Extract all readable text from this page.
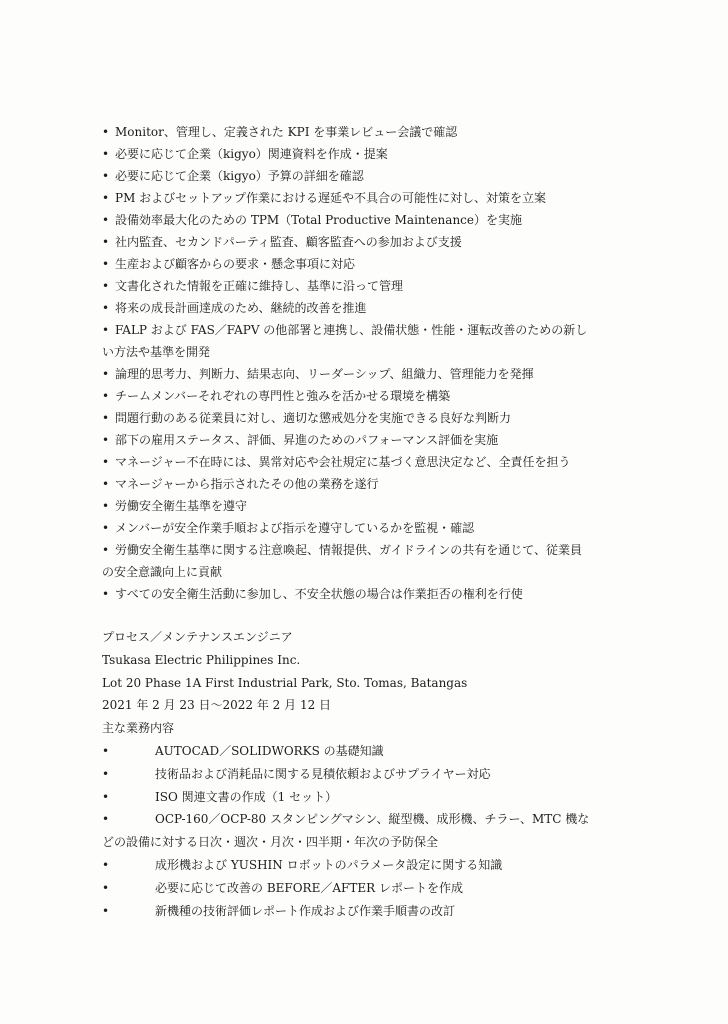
• Monitor、管理し、定義された KPI を事業レビュー会議で確認
• 必要に応じて企業（kigyo）関連資料を作成・提案
• 必要に応じて企業（kigyo）予算の詳細を確認
• PM およびセットアップ作業における遅延や不具合の可能性に対し、対策を立案
• 設備効率最大化のための TPM（Total Productive Maintenance）を実施
• 社内監査、セカンドパーティ監査、顧客監査への参加および支援
• 生産および顧客からの要求・懸念事項に対応
• 文書化された情報を正確に維持し、基準に沿って管理
• 将来の成長計画達成のため、継続的改善を推進
• FALP および FAS／FAPV の他部署と連携し、設備状態・性能・運転改善のための新し
い方法や基準を開発
• 論理的思考力、判断力、結果志向、リーダーシップ、組織力、管理能力を発揮
• チームメンバーそれぞれの専門性と強みを活かせる環境を構築
• 問題行動のある従業員に対し、適切な懲戒処分を実施できる良好な判断力
• 部下の雇用ステータス、評価、昇進のためのパフォーマンス評価を実施
• マネージャー不在時には、異常対応や会社規定に基づく意思決定など、全責任を担う
• マネージャーから指示されたその他の業務を遂行
• 労働安全衛生基準を遵守
• メンバーが安全作業手順および指示を遵守しているかを監視・確認
• 労働安全衛生基準に関する注意喚起、情報提供、ガイドラインの共有を通じて、従業員
の安全意識向上に貢献
• すべての安全衛生活動に参加し、不安全状態の場合は作業拒否の権利を行使
プロセス／メンテナンスエンジニア
Tsukasa Electric Philippines Inc.
Lot 20 Phase 1A First Industrial Park, Sto. Tomas, Batangas
2021 年 2 月 23 日〜2022 年 2 月 12 日
主な業務内容
• AUTOCAD／SOLIDWORKS の基礎知識
• 技術品および消耗品に関する見積依頼およびサプライヤー対応
• ISO 関連文書の作成（1 セット）
• OCP-160／OCP-80 スタンピングマシン、縦型機、成形機、チラー、MTC 機な
どの設備に対する日次・週次・月次・四半期・年次の予防保全
• 成形機および YUSHIN ロボットのパラメータ設定に関する知識
• 必要に応じて改善の BEFORE／AFTER レポートを作成
• 新機種の技術評価レポート作成および作業手順書の改訂
